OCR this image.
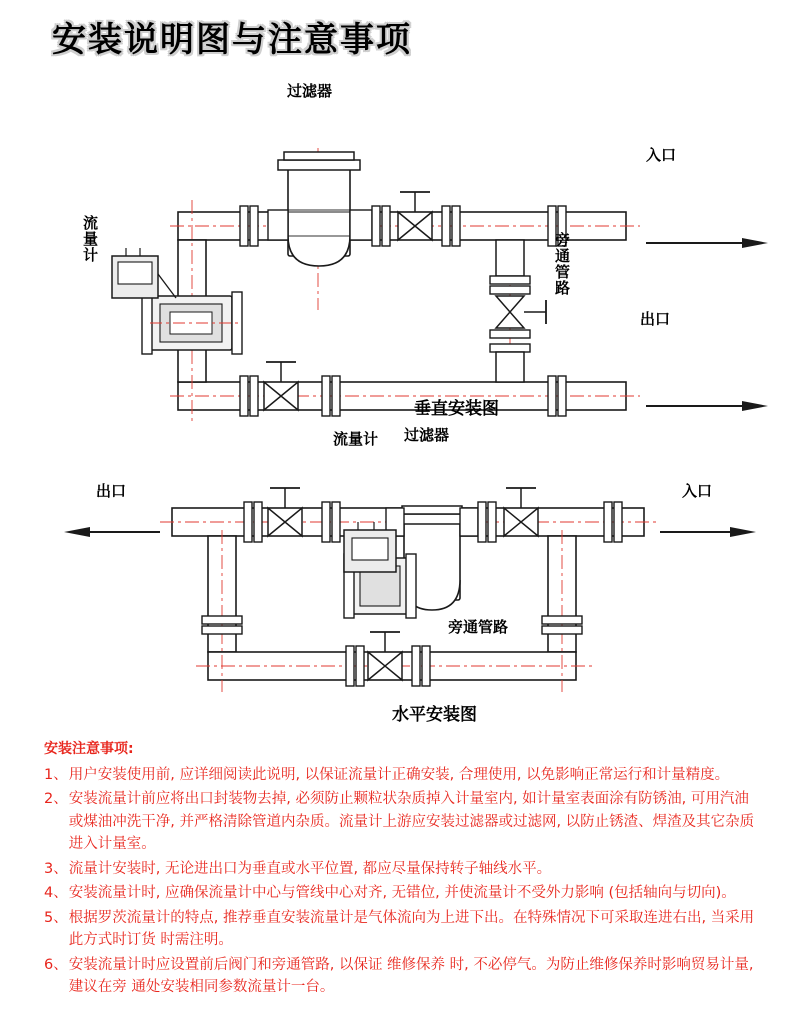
安装说明图与注意事项
过滤器
流量计	旁通管路
入口
出口
垂直安装图
流量计 过滤器
出口	入口
旁通管路
水平安装图
安装注意事项:
1、 用户安装使用前, 应详细阅读此说明, 以保证流量计正确安装, 合理使用, 以免影响正常运行和计量精度。
2、 安装流量计前应将出口封装物去掉, 必须防止颗粒状杂质掉入计量室内, 如计量室表面涂有防锈油, 可用汽油或煤油冲洗干净, 并严格清除管道内杂质。流量计上游应安装过滤器或过滤网, 以防止锈渣、焊渣及其它杂质进入计量室。
3、 流量计安装时, 无论进出口为垂直或水平位置, 都应尽量保持转子轴线水平。
4、 安装流量计时, 应确保流量计中心与管线中心对齐, 无错位, 并使流量计不受外力影响 (包括轴向与切向)。
5、 根据罗茨流量计的特点, 推荐垂直安装流量计是气体流向为上进下出。在特殊情况下可采取连进右出, 当采用此方式时订货 时需注明。
6、 安装流量计时应设置前后阀门和旁通管路, 以保证 维修保养 时, 不必停气。为防止维修保养时影响贸易计量, 建议在旁 通处安装相同参数流量计一台。
